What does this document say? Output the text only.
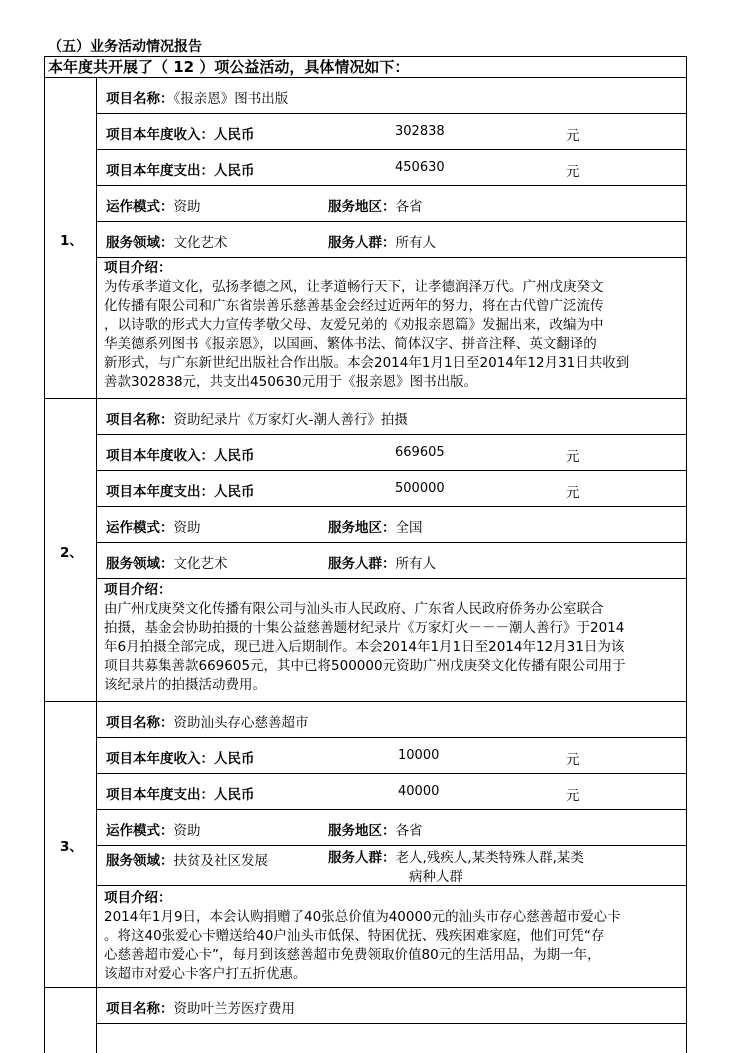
（五）业务活动情况报告
本年度共开展了（ 12 ）项公益活动，具体情况如下：
1、
项目名称：《报亲恩》图书出版
项目本年度收入：人民币	302838	元
项目本年度支出：人民币	450630	元
运作模式：资助	服务地区：各省
服务领域：文化艺术	服务人群：所有人
项目介绍：
为传承孝道文化，弘扬孝德之风，让孝道畅行天下，让孝德润泽万代。广州戊庚癸文
化传播有限公司和广东省崇善乐慈善基金会经过近两年的努力，将在古代曾广泛流传
，以诗歌的形式大力宣传孝敬父母、友爱兄弟的《劝报亲恩篇》发掘出来，改编为中
华美德系列图书《报亲恩》，以国画、繁体书法、简体汉字、拼音注释、英文翻译的
新形式，与广东新世纪出版社合作出版。本会2014年1月1日至2014年12月31日共收到
善款302838元，共支出450630元用于《报亲恩》图书出版。
2、
项目名称：资助纪录片《万家灯火-潮人善行》拍摄
项目本年度收入：人民币	669605	元
项目本年度支出：人民币	500000	元
运作模式：资助	服务地区：全国
服务领域：文化艺术	服务人群：所有人
项目介绍：
由广州戊庚癸文化传播有限公司与汕头市人民政府、广东省人民政府侨务办公室联合
拍摄，基金会协助拍摄的十集公益慈善题材纪录片《万家灯火－－－潮人善行》于2014
年6月拍摄全部完成，现已进入后期制作。本会2014年1月1日至2014年12月31日为该
项目共募集善款669605元，其中已将500000元资助广州戊庚癸文化传播有限公司用于
该纪录片的拍摄活动费用。
3、
项目名称：资助汕头存心慈善超市
项目本年度收入：人民币	10000	元
项目本年度支出：人民币	40000	元
运作模式：资助	服务地区：各省
服务领域：扶贫及社区发展	服务人群：老人,残疾人,某类特殊人群,某类
病种人群
项目介绍：
2014年1月9日，本会认购捐赠了40张总价值为40000元的汕头市存心慈善超市爱心卡
。将这40张爱心卡赠送给40户汕头市低保、特困优抚、残疾困难家庭，他们可凭“存
心慈善超市爱心卡”，每月到该慈善超市免费领取价值80元的生活用品，为期一年，
该超市对爱心卡客户打五折优惠。
项目名称：资助叶兰芳医疗费用
